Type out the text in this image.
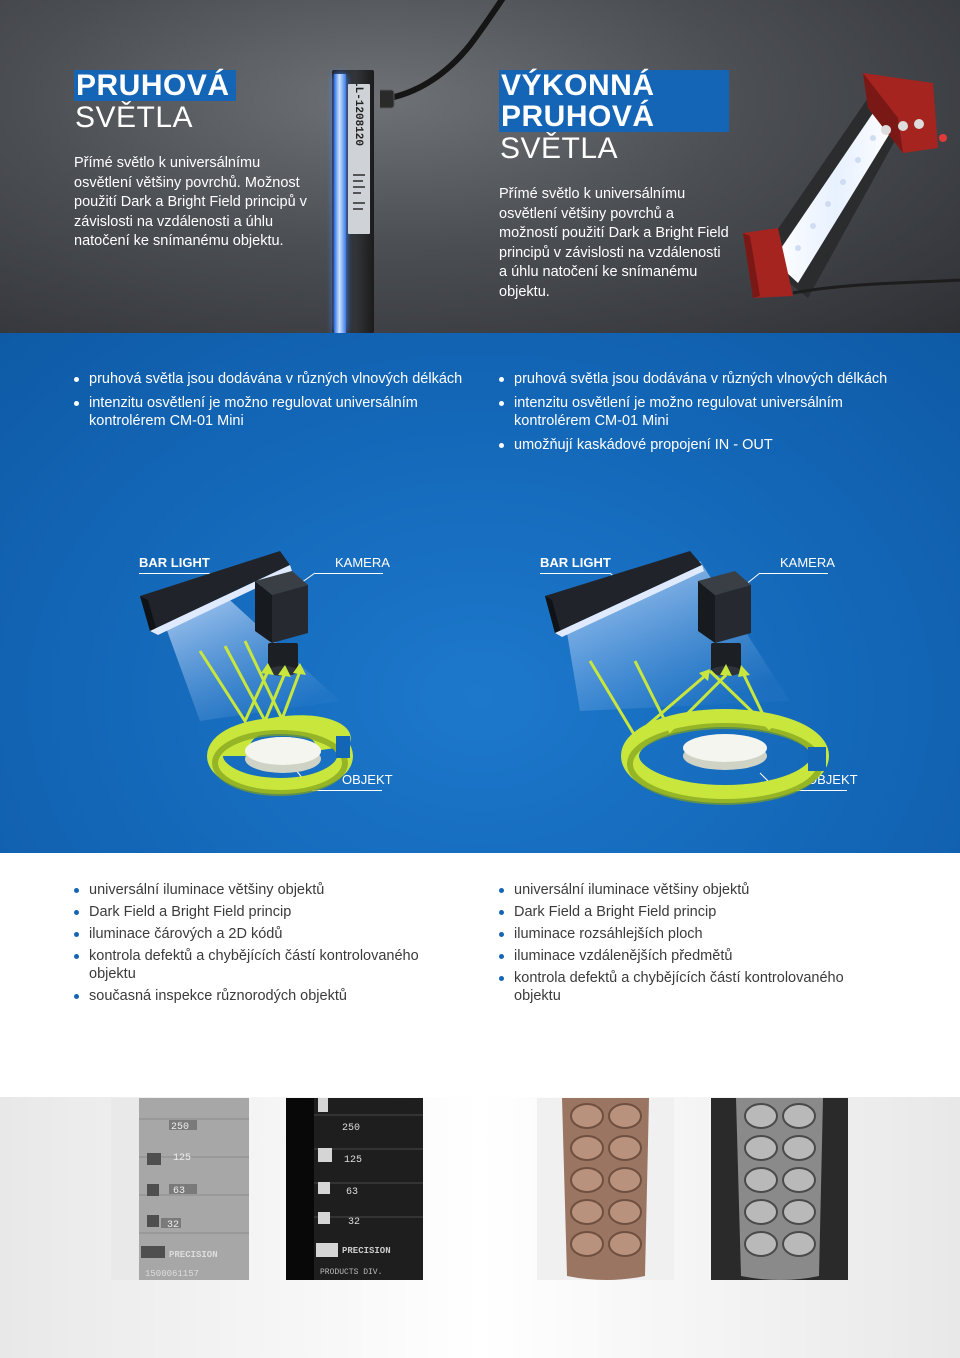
PRUHOVÁ
SVĚTLA

Přímé světlo k universálnímu osvětlení většiny povrchů. Možnost použití Dark a Bright Field principů v závislosti na vzdálenosti a úhlu natočení ke snímanému objektu.

LL-1208120	VÝKONNÁ PRUHOVÁ
SVĚTLA

Přímé světlo k universálnímu osvětlení většiny povrchů a možností použití Dark a Bright Field principů v závislosti na vzdálenosti a úhlu natočení ke snímanému objektu.

pruhová světla jsou dodávána v různých vlnových délkách
intenzitu osvětlení je možno regulovat universálním kontrolérem CM-01 Mini
pruhová světla jsou dodávána v různých vlnových délkách
intenzitu osvětlení je možno regulovat universálním kontrolérem CM-01 Mini
umožňují kaskádové propojení IN - OUT
BAR LIGHT	KAMERA
OBJEKT
BAR LIGHT	KAMERA
OBJEKT
universální iluminace většiny objektů
Dark Field a Bright Field princip
iluminace čárových a 2D kódů
kontrola defektů a chybějících částí kontrolovaného objektu
současná inspekce různorodých objektů
universální iluminace většiny objektů
Dark Field a Bright Field princip
iluminace rozsáhlejších ploch
iluminace vzdálenějších předmětů
kontrola defektů a chybějících částí kontrolovaného objektu
250
125
63
32
PRECISION
1500061157
250
125
63
32
PRECISION
PRODUCTS DIV.
